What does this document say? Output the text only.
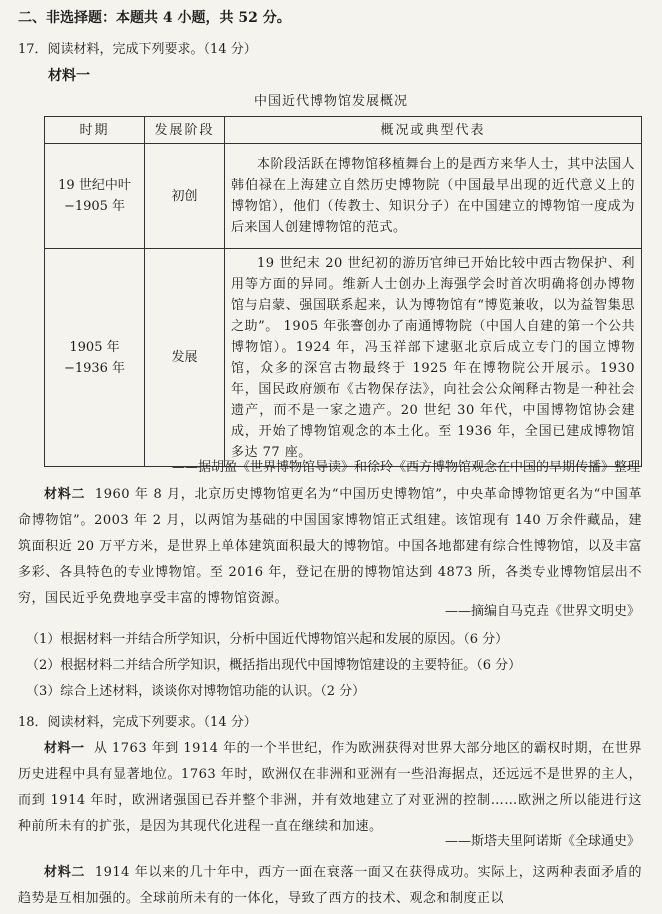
二、非选择题：本题共 4 小题，共 52 分。
17．阅读材料，完成下列要求。（14 分）
材料一
中国近代博物馆发展概况
时期	发展阶段	概况或典型代表
19 世纪中叶 −1905 年	初创	本阶段活跃在博物馆移植舞台上的是西方来华人士，其中法国人韩伯禄在上海建立自然历史博物院（中国最早出现的近代意义上的博物馆），他们（传教士、知识分子）在中国建立的博物馆一度成为后来国人创建博物馆的范式。
1905 年 −1936 年	发展	19 世纪末 20 世纪初的游历官绅已开始比较中西古物保护、利用等方面的异同。维新人士创办上海强学会时首次明确将创办博物馆与启蒙、强国联系起来，认为博物馆有“博览兼收，以为益智集思之助”。 1905 年张謇创办了南通博物院（中国人自建的第一个公共博物馆）。1924 年，冯玉祥部下逮驱北京后成立专门的国立博物馆，众多的深宫古物最终于 1925 年在博物院公开展示。1930 年，国民政府颁布《古物保存法》，向社会公众阐释古物是一种社会遗产，而不是一家之遗产。20 世纪 30 年代，中国博物馆协会建成，开始了博物馆观念的本土化。至 1936 年，全国已建成博物馆多达 77 座。
——据胡盈《世界博物馆导读》和徐玲《西方博物馆观念在中国的早期传播》整理
材料二 1960 年 8 月，北京历史博物馆更名为“中国历史博物馆”，中央革命博物馆更名为“中国革命博物馆”。2003 年 2 月，以两馆为基础的中国国家博物馆正式组建。该馆现有 140 万余件藏品，建筑面积近 20 万平方米，是世界上单体建筑面积最大的博物馆。中国各地都建有综合性博物馆，以及丰富多彩、各具特色的专业博物馆。至 2016 年，登记在册的博物馆达到 4873 所，各类专业博物馆层出不穷，国民近乎免费地享受丰富的博物馆资源。
——摘编自马克垚《世界文明史》
（1）根据材料一并结合所学知识，分析中国近代博物馆兴起和发展的原因。（6 分）
（2）根据材料二并结合所学知识，概括指出现代中国博物馆建设的主要特征。（6 分）
（3）综合上述材料，谈谈你对博物馆功能的认识。（2 分）
18．阅读材料，完成下列要求。（14 分）
材料一 从 1763 年到 1914 年的一个半世纪，作为欧洲获得对世界大部分地区的霸权时期，在世界历史进程中具有显著地位。1763 年时，欧洲仅在非洲和亚洲有一些沿海据点，还远远不是世界的主人，而到 1914 年时，欧洲诸强国已吞并整个非洲，并有效地建立了对亚洲的控制……欧洲之所以能进行这种前所未有的扩张，是因为其现代化进程一直在继续和加速。
——斯塔夫里阿诺斯《全球通史》
材料二 1914 年以来的几十年中，西方一面在衰落一面又在获得成功。实际上，这两种表面矛盾的趋势是互相加强的。全球前所未有的一体化，导致了西方的技术、观念和制度正以
